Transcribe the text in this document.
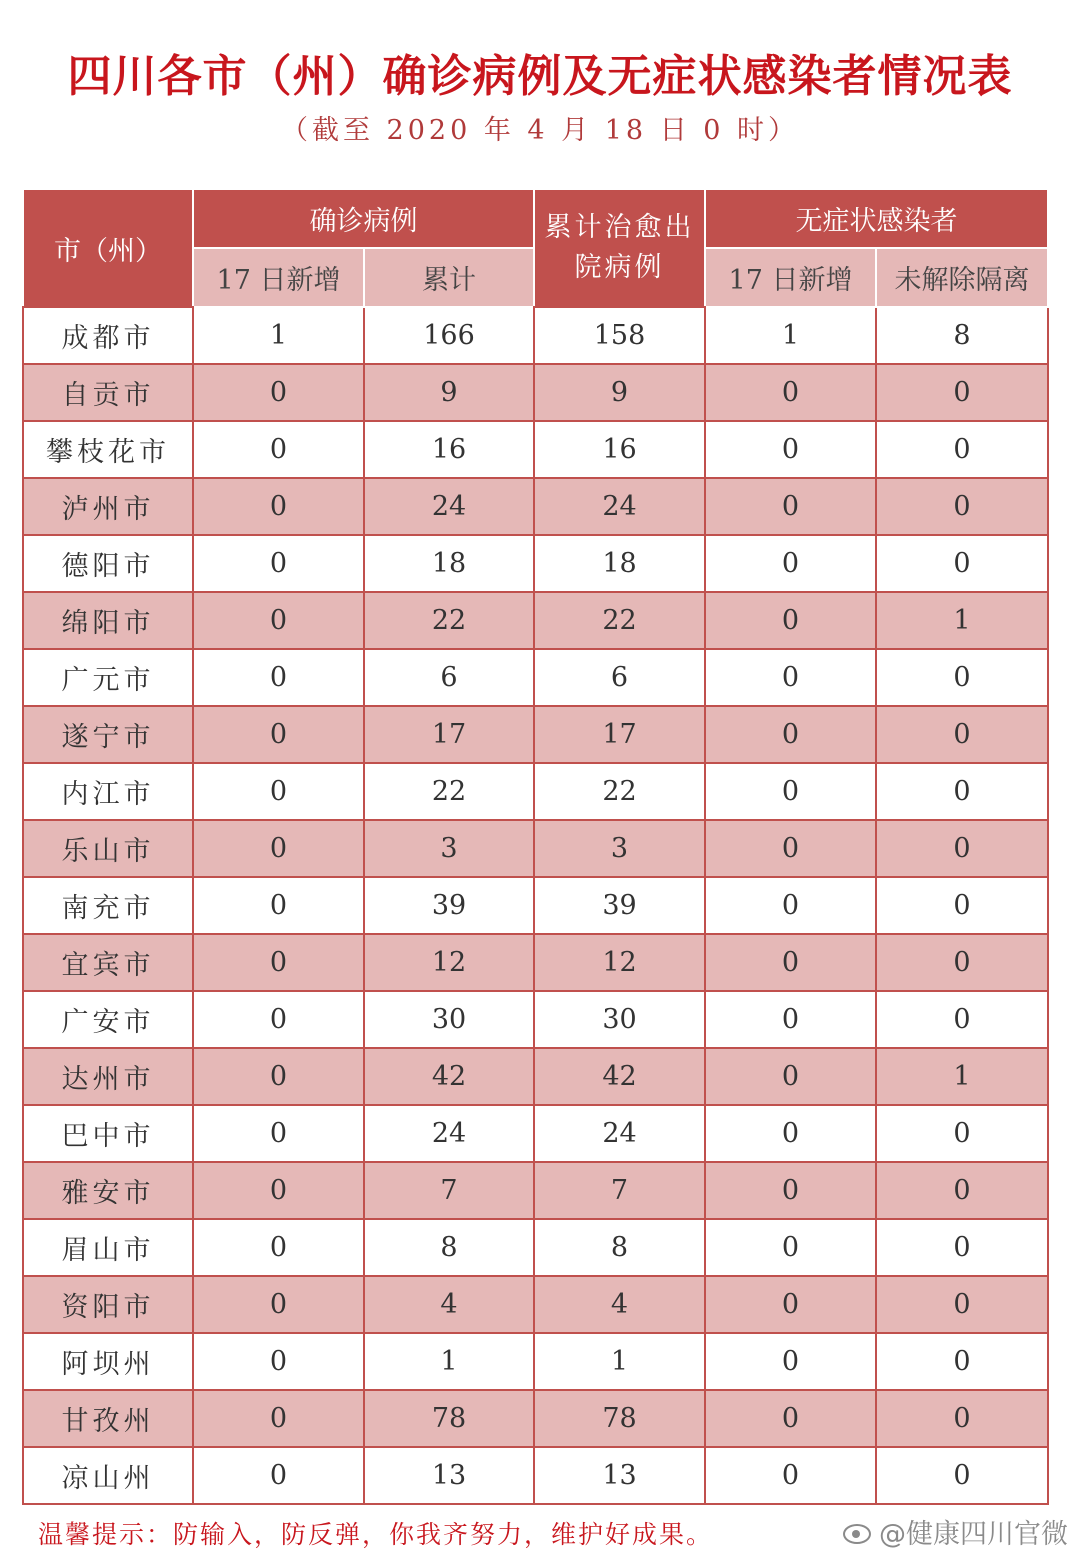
四川各市（州）确诊病例及无症状感染者情况表
（截至 2020 年 4 月 18 日 0 时）
市（州）	确诊病例		累计治愈出院病例	无症状感染者	
	17 日新增	累计		17 日新增	未解除隔离
成都市	1	166	158	1	8
自贡市	0	9	9	0	0
攀枝花市	0	16	16	0	0
泸州市	0	24	24	0	0
德阳市	0	18	18	0	0
绵阳市	0	22	22	0	1
广元市	0	6	6	0	0
遂宁市	0	17	17	0	0
内江市	0	22	22	0	0
乐山市	0	3	3	0	0
南充市	0	39	39	0	0
宜宾市	0	12	12	0	0
广安市	0	30	30	0	0
达州市	0	42	42	0	1
巴中市	0	24	24	0	0
雅安市	0	7	7	0	0
眉山市	0	8	8	0	0
资阳市	0	4	4	0	0
阿坝州	0	1	1	0	0
甘孜州	0	78	78	0	0
凉山州	0	13	13	0	0
温馨提示：防输入，防反弹，你我齐努力，维护好成果。	@健康四川官微
